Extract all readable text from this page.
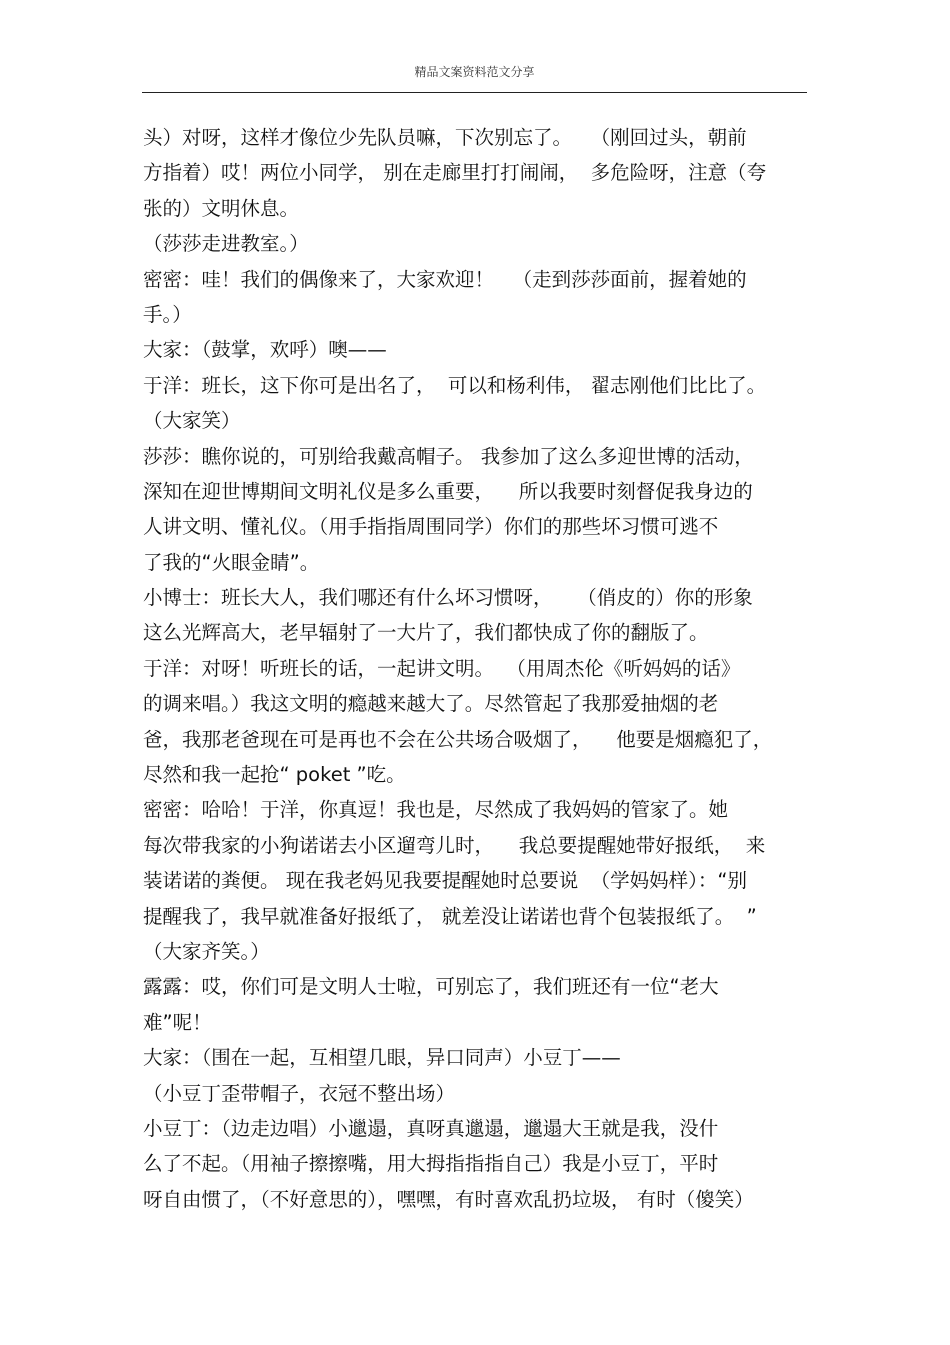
精品文案资料范文分享
头）对呀，这样才像位少先队员嘛，下次别忘了。   （刚回过头，朝前
方指着）哎！两位小同学， 别在走廊里打打闹闹，  多危险呀，注意（夸
张的）文明休息。
（莎莎走进教室。）
密密：哇！我们的偶像来了，大家欢迎！   （走到莎莎面前，握着她的
手。）
大家：（鼓掌，欢呼）噢——
于洋：班长，这下你可是出名了，  可以和杨利伟， 翟志刚他们比比了。
（大家笑）
莎莎：瞧你说的，可别给我戴高帽子。 我参加了这么多迎世博的活动，
深知在迎世博期间文明礼仪是多么重要，    所以我要时刻督促我身边的
人讲文明、懂礼仪。（用手指指周围同学）你们的那些坏习惯可逃不
了我的“火眼金睛”。
小博士：班长大人，我们哪还有什么坏习惯呀，    （俏皮的）你的形象
这么光辉高大，老早辐射了一大片了，我们都快成了你的翻版了。
于洋：对呀！听班长的话，一起讲文明。  （用周杰伦《听妈妈的话》
的调来唱。）我这文明的瘾越来越大了。尽然管起了我那爱抽烟的老
爸，我那老爸现在可是再也不会在公共场合吸烟了，    他要是烟瘾犯了，
尽然和我一起抢“ poket ”吃。
密密：哈哈！于洋，你真逗！我也是，尽然成了我妈妈的管家了。她
每次带我家的小狗诺诺去小区遛弯儿时，    我总要提醒她带好报纸，  来
装诺诺的粪便。 现在我老妈见我要提醒她时总要说  （学妈妈样）：“别
提醒我了，我早就准备好报纸了， 就差没让诺诺也背个包装报纸了。  ”
（大家齐笑。）
露露：哎，你们可是文明人士啦，可别忘了，我们班还有一位“老大
难”呢！
大家：（围在一起，互相望几眼，异口同声）小豆丁——
（小豆丁歪带帽子，衣冠不整出场）
小豆丁：（边走边唱）小邋遢，真呀真邋遢，邋遢大王就是我，没什
么了不起。（用袖子擦擦嘴，用大拇指指指自己）我是小豆丁，平时
呀自由惯了，（不好意思的），嘿嘿，有时喜欢乱扔垃圾， 有时（傻笑）
